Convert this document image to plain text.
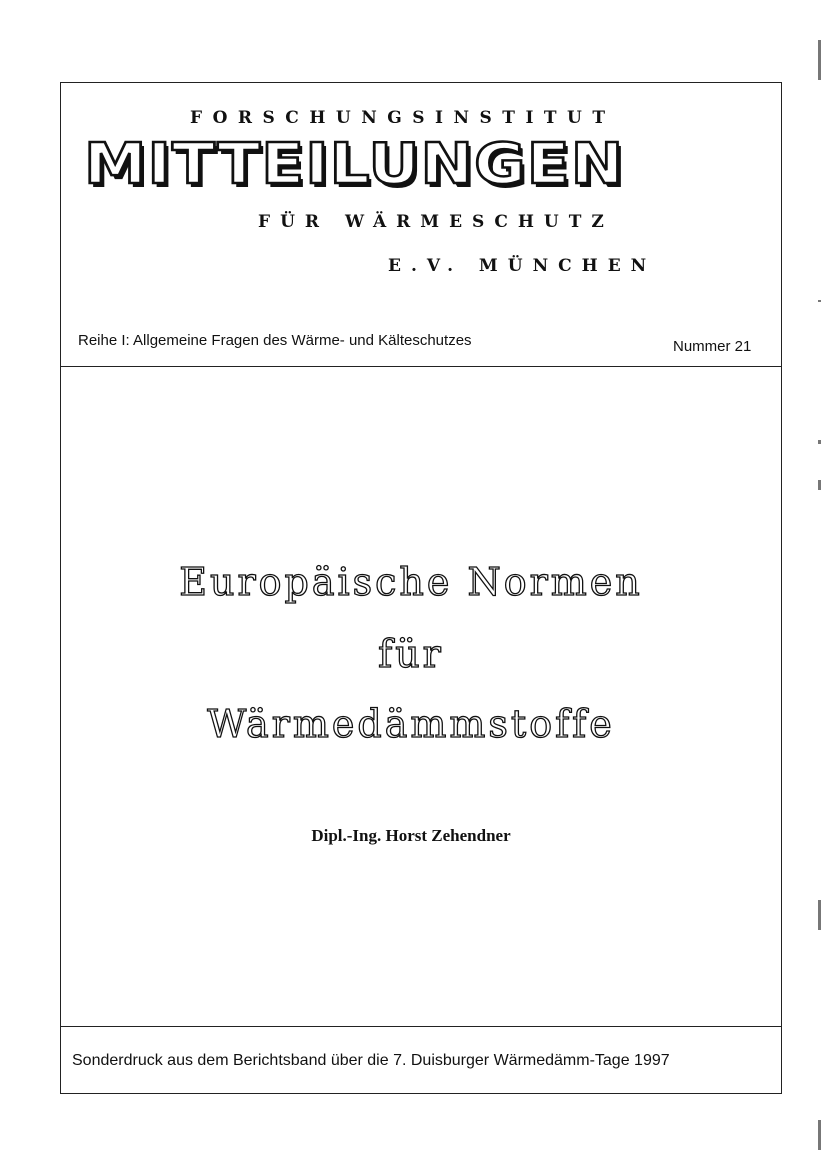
FORSCHUNGSINSTITUT
MITTEILUNGEN
FÜR WÄRMESCHUTZ
E.V. MÜNCHEN
Reihe I: Allgemeine Fragen des Wärme- und Kälteschutzes	Nummer 21
Europäische Normen
für
Wärmedämmstoffe
Dipl.-Ing. Horst Zehendner
Sonderdruck aus dem Berichtsband über die 7. Duisburger Wärmedämm-Tage 1997
